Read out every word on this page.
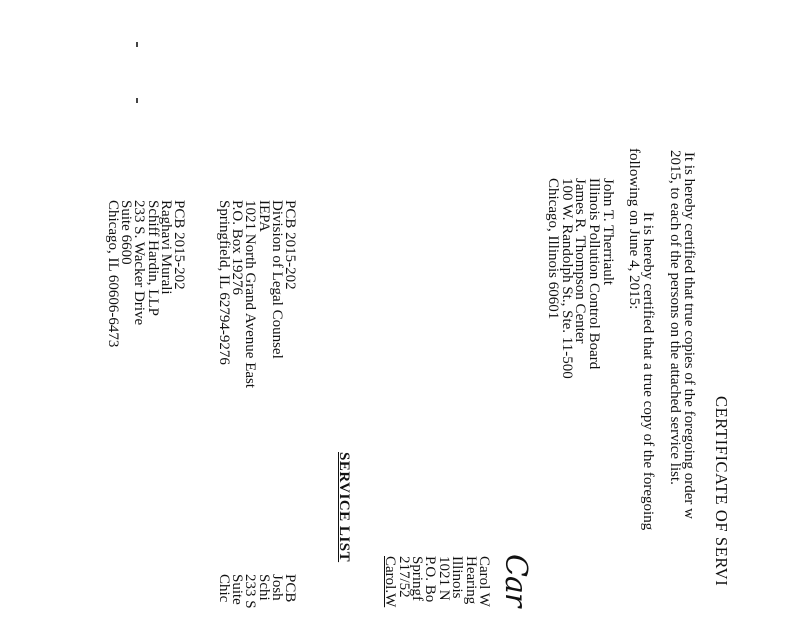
CERTIFICATE OF SERVI
It is hereby certified that true copies of the foregoing order w
2015, to each of the persons on the attached service list.
It is hereby certified that a true copy of the foregoing
following on June 4, 2015:
John T. Therriault
Illinois Pollution Control Board
James R. Thompson Center
100 W. Randolph St., Ste. 11-500
Chicago, Illinois 60601
Car
Carol W
Hearing
Illinois
1021 N
P.O. Bo
Springf
217/52
Carol.W
SERVICE LIST
PCB 2015-202
Division of Legal Counsel
IEPA
1021 North Grand Avenue East
P.O. Box 19276
Springfield, IL 62794-9276
PCB 2015-202
Raghavi Murali
Schiff Hardin, LLP
233 S. Wacker Drive
Suite 6600
Chicago, IL 60606-6473
PCB
Josh
Schi
233 S
Suite
Chic
